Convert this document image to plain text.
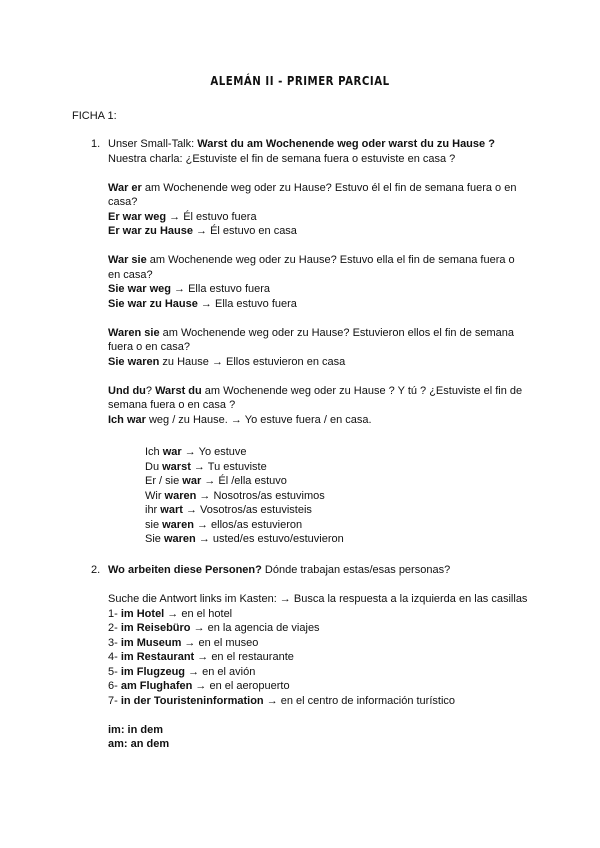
ALEMÁN II - PRIMER PARCIAL
FICHA 1:
1. Unser Small-Talk: Warst du am Wochenende weg oder warst du zu Hause ?

Nuestra charla: ¿Estuviste el fin de semana fuera o estuviste en casa ?

War er am Wochenende weg oder zu Hause? Estuvo él el fin de semana fuera o en casa?

Er war weg → Él estuvo fuera

Er war zu Hause → Él estuvo en casa

War sie am Wochenende weg oder zu Hause? Estuvo ella el fin de semana fuera o en casa?

Sie war weg → Ella estuvo fuera

Sie war zu Hause → Ella estuvo fuera

Waren sie am Wochenende weg oder zu Hause? Estuvieron ellos el fin de semana fuera o en casa?

Sie waren zu Hause → Ellos estuvieron en casa

Und du? Warst du am Wochenende weg oder zu Hause ? Y tú ? ¿Estuviste el fin de semana fuera o en casa ?

Ich war weg / zu Hause. → Yo estuve fuera / en casa.

Ich war → Yo estuve

Du warst → Tu estuviste

Er / sie war → Él /ella estuvo

Wir waren → Nosotros/as estuvimos

ihr wart → Vosotros/as estuvisteis

sie waren → ellos/as estuvieron

Sie waren → usted/es estuvo/estuvieron

2. Wo arbeiten diese Personen? Dónde trabajan estas/esas personas?

Suche die Antwort links im Kasten: → Busca la respuesta a la izquierda en las casillas

1- im Hotel → en el hotel

2- im Reisebüro → en la agencia de viajes

3- im Museum → en el museo

4- im Restaurant → en el restaurante

5- im Flugzeug → en el avión

6- am Flughafen → en el aeropuerto

7- in der Touristeninformation → en el centro de información turístico

im: in dem

am: an dem
